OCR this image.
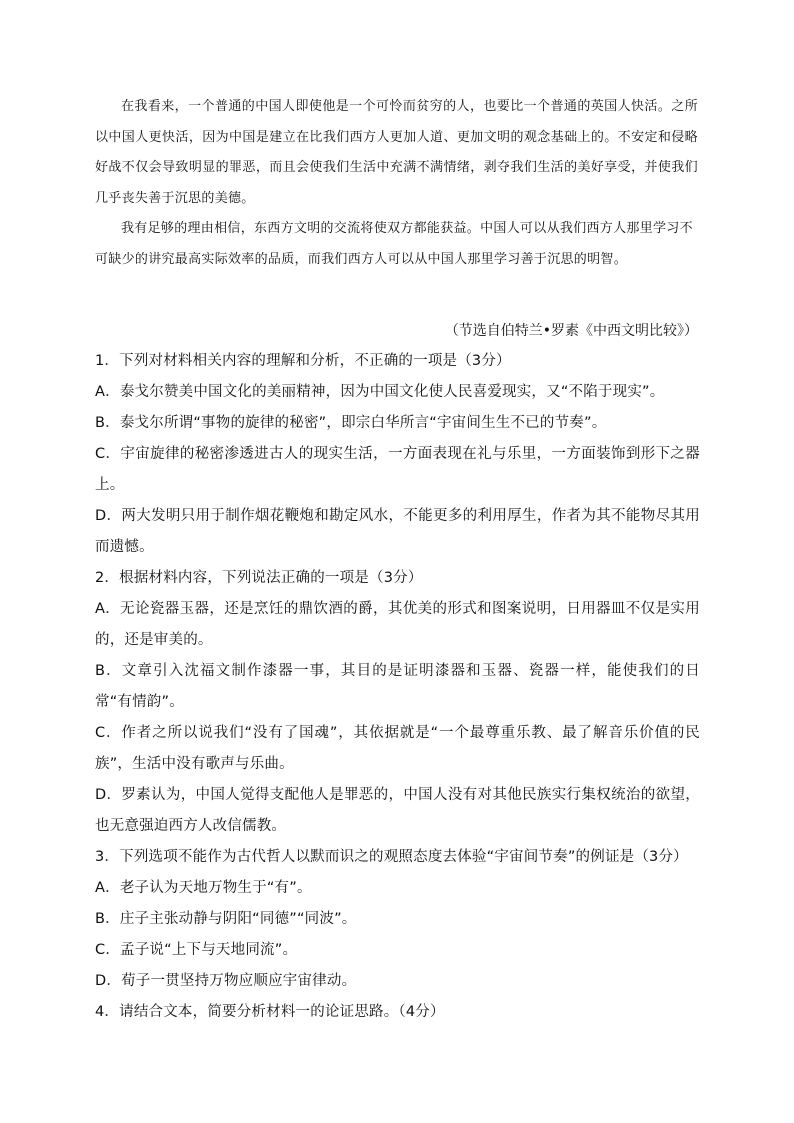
在我看来，一个普通的中国人即使他是一个可怜而贫穷的人，也要比一个普通的英国人快活。之所以中国人更快活，因为中国是建立在比我们西方人更加人道、更加文明的观念基础上的。不安定和侵略好战不仅会导致明显的罪恶，而且会使我们生活中充满不满情绪，剥夺我们生活的美好享受，并使我们几乎丧失善于沉思的美德。

我有足够的理由相信，东西方文明的交流将使双方都能获益。中国人可以从我们西方人那里学习不可缺少的讲究最高实际效率的品质，而我们西方人可以从中国人那里学习善于沉思的明智。

（节选自伯特兰•罗素《中西文明比较》）

1．下列对材料相关内容的理解和分析，不正确的一项是（3分）

A．泰戈尔赞美中国文化的美丽精神，因为中国文化使人民喜爱现实，又“不陷于现实”。

B．泰戈尔所谓“事物的旋律的秘密”，即宗白华所言“宇宙间生生不已的节奏”。

C．宇宙旋律的秘密渗透进古人的现实生活，一方面表现在礼与乐里，一方面装饰到形下之器上。

D．两大发明只用于制作烟花鞭炮和勘定风水，不能更多的利用厚生，作者为其不能物尽其用而遗憾。

2．根据材料内容，下列说法正确的一项是（3分）

A．无论瓷器玉器，还是烹饪的鼎饮酒的爵，其优美的形式和图案说明，日用器皿不仅是实用的，还是审美的。

B．文章引入沈福文制作漆器一事，其目的是证明漆器和玉器、瓷器一样，能使我们的日常“有情韵”。

C．作者之所以说我们“没有了国魂”，其依据就是“一个最尊重乐教、最了解音乐价值的民族”，生活中没有歌声与乐曲。

D．罗素认为，中国人觉得支配他人是罪恶的，中国人没有对其他民族实行集权统治的欲望，也无意强迫西方人改信儒教。

3．下列选项不能作为古代哲人以默而识之的观照态度去体验“宇宙间节奏”的例证是（3分）

A．老子认为天地万物生于“有”。

B．庄子主张动静与阴阳“同德”“同波”。

C．孟子说“上下与天地同流”。

D．荀子一贯坚持万物应顺应宇宙律动。

4．请结合文本，简要分析材料一的论证思路。（4分）
